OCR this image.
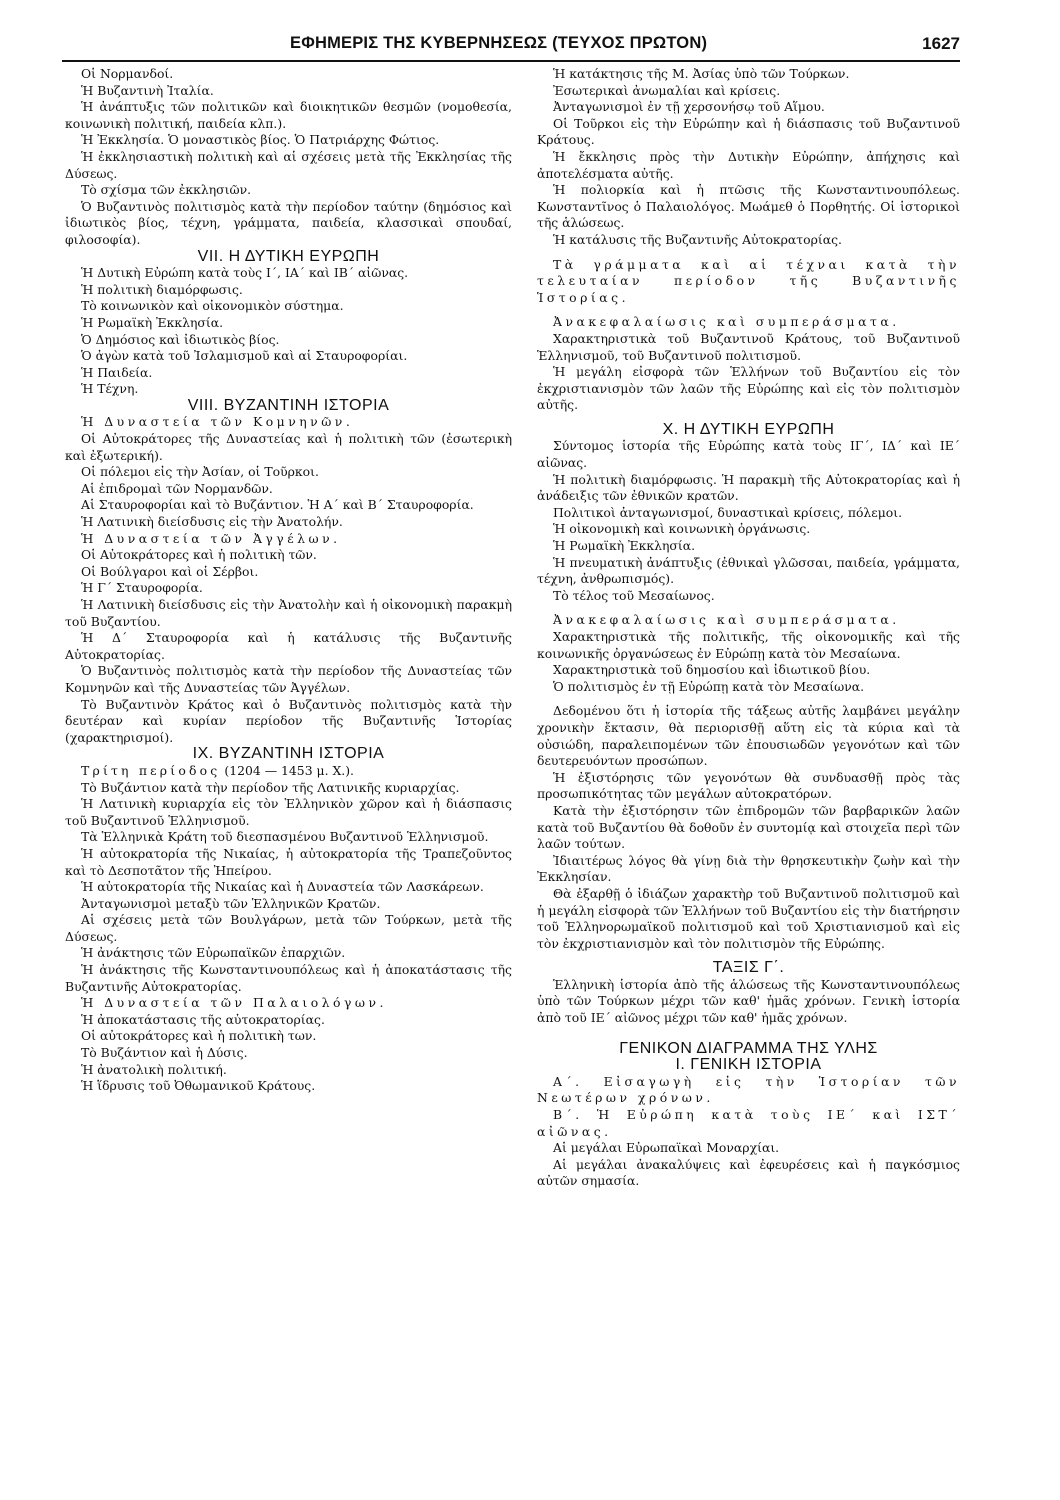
ΕΦΗΜΕΡΙΣ ΤΗΣ ΚΥΒΕΡΝΗΣΕΩΣ (ΤΕΥΧΟΣ ΠΡΩΤΟΝ)	1627

Οἱ Νορμανδοί.

Ἡ Βυζαντινὴ Ἰταλία.

Ἡ ἀνάπτυξις τῶν πολιτικῶν καὶ διοικητικῶν θεσμῶν (νομοθεσία, κοινωνικὴ πολιτική, παιδεία κλπ.).

Ἡ Ἐκκλησία. Ὁ μοναστικὸς βίος. Ὁ Πατριάρχης Φώτιος.

Ἡ ἐκκλησιαστικὴ πολιτικὴ καὶ αἱ σχέσεις μετὰ τῆς Ἐκκλησίας τῆς Δύσεως.

Τὸ σχίσμα τῶν ἐκκλησιῶν.

Ὁ Βυζαντινὸς πολιτισμὸς κατὰ τὴν περίοδον ταύτην (δημόσιος καὶ ἰδιωτικὸς βίος, τέχνη, γράμματα, παιδεία, κλασσικαὶ σπουδαί, φιλοσοφία).

VII. Η ΔΥΤΙΚΗ ΕΥΡΩΠΗ

Ἡ Δυτικὴ Εὐρώπη κατὰ τοὺς Ι΄, ΙΑ΄ καὶ ΙΒ΄ αἰῶνας.

Ἡ πολιτικὴ διαμόρφωσις.

Τὸ κοινωνικὸν καὶ οἰκονομικὸν σύστημα.

Ἡ Ρωμαϊκὴ Ἐκκλησία.

Ὁ Δημόσιος καὶ ἰδιωτικὸς βίος.

Ὁ ἀγὼν κατὰ τοῦ Ἰσλαμισμοῦ καὶ αἱ Σταυροφορίαι.

Ἡ Παιδεία.

Ἡ Τέχνη.

VIII. ΒΥΖΑΝΤΙΝΗ ΙΣΤΟΡΙΑ

Ἡ Δυναστεία τῶν Κομνηνῶν.

Οἱ Αὐτοκράτορες τῆς Δυναστείας καὶ ἡ πολιτικὴ τῶν (ἐσωτερικὴ καὶ ἐξωτερική).

Οἱ πόλεμοι εἰς τὴν Ἀσίαν, οἱ Τοῦρκοι.

Αἱ ἐπιδρομαὶ τῶν Νορμανδῶν.

Αἱ Σταυροφορίαι καὶ τὸ Βυζάντιον. Ἡ Α΄ καὶ Β΄ Σταυροφορία.

Ἡ Λατινικὴ διείσδυσις εἰς τὴν Ἀνατολήν.

Ἡ Δυναστεία τῶν Ἀγγέλων.

Οἱ Αὐτοκράτορες καὶ ἡ πολιτικὴ τῶν.

Οἱ Βούλγαροι καὶ οἱ Σέρβοι.

Ἡ Γ΄ Σταυροφορία.

Ἡ Λατινικὴ διείσδυσις εἰς τὴν Ἀνατολὴν καὶ ἡ οἰκονομικὴ παρακμὴ τοῦ Βυζαντίου.

Ἡ Δ΄ Σταυροφορία καὶ ἡ κατάλυσις τῆς Βυζαντινῆς Αὐτοκρατορίας.

Ὁ Βυζαντινὸς πολιτισμὸς κατὰ τὴν περίοδον τῆς Δυναστείας τῶν Κομνηνῶν καὶ τῆς Δυναστείας τῶν Ἀγγέλων.

Τὸ Βυζαντινὸν Κράτος καὶ ὁ Βυζαντινὸς πολιτισμὸς κατὰ τὴν δευτέραν καὶ κυρίαν περίοδον τῆς Βυζαντινῆς Ἱστορίας (χαρακτηρισμοί).

IX. ΒΥΖΑΝΤΙΝΗ ΙΣΤΟΡΙΑ

Τρίτη περίοδος (1204 — 1453 μ. Χ.).

Τὸ Βυζάντιον κατὰ τὴν περίοδον τῆς Λατινικῆς κυριαρχίας.

Ἡ Λατινικὴ κυριαρχία εἰς τὸν Ἑλληνικὸν χῶρον καὶ ἡ διάσπασις τοῦ Βυζαντινοῦ Ἑλληνισμοῦ.

Τὰ Ἑλληνικὰ Κράτη τοῦ διεσπασμένου Βυζαντινοῦ Ἑλληνισμοῦ.

Ἡ αὐτοκρατορία τῆς Νικαίας, ἡ αὐτοκρατορία τῆς Τραπεζοῦντος καὶ τὸ Δεσποτᾶτον τῆς Ἠπείρου.

Ἡ αὐτοκρατορία τῆς Νικαίας καὶ ἡ Δυναστεία τῶν Λασκάρεων.

Ἀνταγωνισμοὶ μεταξὺ τῶν Ἑλληνικῶν Κρατῶν.

Αἱ σχέσεις μετὰ τῶν Βουλγάρων, μετὰ τῶν Τούρκων, μετὰ τῆς Δύσεως.

Ἡ ἀνάκτησις τῶν Εὐρωπαϊκῶν ἐπαρχιῶν.

Ἡ ἀνάκτησις τῆς Κωνσταντινουπόλεως καὶ ἡ ἀποκατάστασις τῆς Βυζαντινῆς Αὐτοκρατορίας.

Ἡ Δυναστεία τῶν Παλαιολόγων.

Ἡ ἀποκατάστασις τῆς αὐτοκρατορίας.

Οἱ αὐτοκράτορες καὶ ἡ πολιτικὴ των.

Τὸ Βυζάντιον καὶ ἡ Δύσις.

Ἡ ἀνατολικὴ πολιτική.

Ἡ ἵδρυσις τοῦ Ὀθωμανικοῦ Κράτους.

Ἡ κατάκτησις τῆς Μ. Ἀσίας ὑπὸ τῶν Τούρκων.

Ἐσωτερικαὶ ἀνωμαλίαι καὶ κρίσεις.

Ἀνταγωνισμοὶ ἐν τῇ χερσονήσῳ τοῦ Αἵμου.

Οἱ Τοῦρκοι εἰς τὴν Εὐρώπην καὶ ἡ διάσπασις τοῦ Βυζαντινοῦ Κράτους.

Ἡ ἔκκλησις πρὸς τὴν Δυτικὴν Εὐρώπην, ἀπήχησις καὶ ἀποτελέσματα αὐτῆς.

Ἡ πολιορκία καὶ ἡ πτῶσις τῆς Κωνσταντινουπόλεως. Κωνσταντῖνος ὁ Παλαιολόγος. Μωάμεθ ὁ Πορθητής. Οἱ ἱστορικοὶ τῆς ἁλώσεως.

Ἡ κατάλυσις τῆς Βυζαντινῆς Αὐτοκρατορίας.

Τὰ γράμματα καὶ αἱ τέχναι κατὰ τὴν τελευταίαν περίοδον τῆς Βυζαντινῆς Ἱστορίας.

Ἀνακεφαλαίωσις καὶ συμπεράσματα.

Χαρακτηριστικὰ τοῦ Βυζαντινοῦ Κράτους, τοῦ Βυζαντινοῦ Ἑλληνισμοῦ, τοῦ Βυζαντινοῦ πολιτισμοῦ.

Ἡ μεγάλη εἰσφορὰ τῶν Ἑλλήνων τοῦ Βυζαντίου εἰς τὸν ἐκχριστιανισμὸν τῶν λαῶν τῆς Εὐρώπης καὶ εἰς τὸν πολιτισμὸν αὐτῆς.

Χ. Η ΔΥΤΙΚΗ ΕΥΡΩΠΗ

Σύντομος ἱστορία τῆς Εὐρώπης κατὰ τοὺς ΙΓ΄, ΙΔ΄ καὶ ΙΕ΄ αἰῶνας.

Ἡ πολιτικὴ διαμόρφωσις. Ἡ παρακμὴ τῆς Αὐτοκρατορίας καὶ ἡ ἀνάδειξις τῶν ἐθνικῶν κρατῶν.

Πολιτικοὶ ἀνταγωνισμοί, δυναστικαὶ κρίσεις, πόλεμοι.

Ἡ οἰκονομικὴ καὶ κοινωνικὴ ὀργάνωσις.

Ἡ Ρωμαϊκὴ Ἐκκλησία.

Ἡ πνευματικὴ ἀνάπτυξις (ἐθνικαὶ γλῶσσαι, παιδεία, γράμματα, τέχνη, ἀνθρωπισμός).

Τὸ τέλος τοῦ Μεσαίωνος.

Ἀνακεφαλαίωσις καὶ συμπεράσματα.

Χαρακτηριστικὰ τῆς πολιτικῆς, τῆς οἰκονομικῆς καὶ τῆς κοινωνικῆς ὀργανώσεως ἐν Εὐρώπῃ κατὰ τὸν Μεσαίωνα.

Χαρακτηριστικὰ τοῦ δημοσίου καὶ ἰδιωτικοῦ βίου.

Ὁ πολιτισμὸς ἐν τῇ Εὐρώπῃ κατὰ τὸν Μεσαίωνα.

Δεδομένου ὅτι ἡ ἱστορία τῆς τάξεως αὐτῆς λαμβάνει μεγάλην χρονικὴν ἔκτασιν, θὰ περιορισθῇ αὕτη εἰς τὰ κύρια καὶ τὰ οὐσιώδη, παραλειπομένων τῶν ἐπουσιωδῶν γεγονότων καὶ τῶν δευτερευόντων προσώπων.

Ἡ ἐξιστόρησις τῶν γεγονότων θὰ συνδυασθῇ πρὸς τὰς προσωπικότητας τῶν μεγάλων αὐτοκρατόρων.

Κατὰ τὴν ἐξιστόρησιν τῶν ἐπιδρομῶν τῶν βαρβαρικῶν λαῶν κατὰ τοῦ Βυζαντίου θὰ δοθοῦν ἐν συντομίᾳ καὶ στοιχεῖα περὶ τῶν λαῶν τούτων.

Ἰδιαιτέρως λόγος θὰ γίνῃ διὰ τὴν θρησκευτικὴν ζωὴν καὶ τὴν Ἐκκλησίαν.

Θὰ ἐξαρθῇ ὁ ἰδιάζων χαρακτὴρ τοῦ Βυζαντινοῦ πολιτισμοῦ καὶ ἡ μεγάλη εἰσφορὰ τῶν Ἑλλήνων τοῦ Βυζαντίου εἰς τὴν διατήρησιν τοῦ Ἑλληνορωμαϊκοῦ πολιτισμοῦ καὶ τοῦ Χριστιανισμοῦ καὶ εἰς τὸν ἐκχριστιανισμὸν καὶ τὸν πολιτισμὸν τῆς Εὐρώπης.

ΤΑΞΙΣ Γ΄.

Ἑλληνικὴ ἱστορία ἀπὸ τῆς ἁλώσεως τῆς Κωνσταντινουπόλεως ὑπὸ τῶν Τούρκων μέχρι τῶν καθ' ἡμᾶς χρόνων. Γενικὴ ἱστορία ἀπὸ τοῦ ΙΕ΄ αἰῶνος μέχρι τῶν καθ' ἡμᾶς χρόνων.

ΓΕΝΙΚΟΝ ΔΙΑΓΡΑΜΜΑ ΤΗΣ ΥΛΗΣ

Ι. ΓΕΝΙΚΗ ΙΣΤΟΡΙΑ

Α΄. Εἰσαγωγὴ εἰς τὴν Ἱστορίαν τῶν Νεωτέρων χρόνων.

Β΄. Ἡ Εὐρώπη κατὰ τοὺς ΙΕ΄ καὶ ΙΣΤ΄ αἰῶνας.

Αἱ μεγάλαι Εὐρωπαϊκαὶ Μοναρχίαι.

Αἱ μεγάλαι ἀνακαλύψεις καὶ ἐφευρέσεις καὶ ἡ παγκόσμιος αὐτῶν σημασία.
